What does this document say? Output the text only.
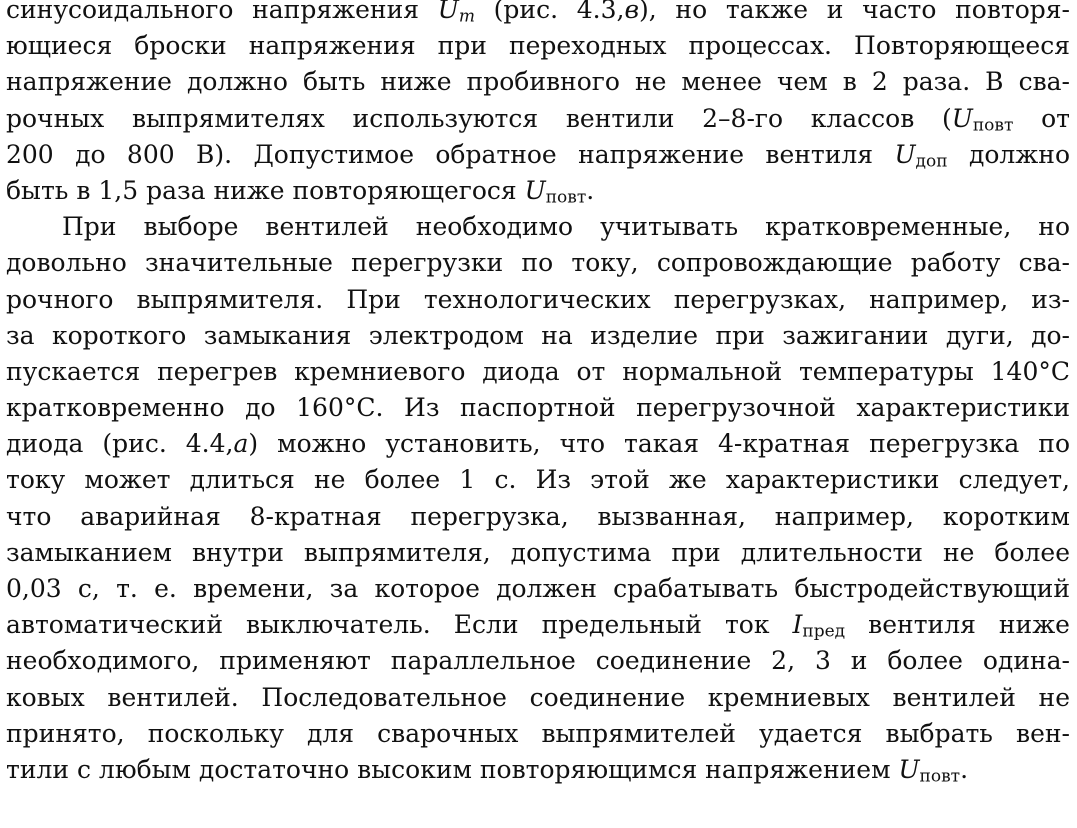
синусоидального напряжения $U_m$ (рис. 4.3,в), но также и часто повторя-
ющиеся броски напряжения при переходных процессах. Повторяющееся
напряжение должно быть ниже пробивного не менее чем в 2 раза. В сва-
рочных выпрямителях используются вентили 2–8-го классов ($U_{повт}$ от
200 до 800 В). Допустимое обратное напряжение вентиля $U_{доп}$ должно
быть в 1,5 раза ниже повторяющегося $U_{повт}$.
При выборе вентилей необходимо учитывать кратковременные, но
довольно значительные перегрузки по току, сопровождающие работу сва-
рочного выпрямителя. При технологических перегрузках, например, из-
за короткого замыкания электродом на изделие при зажигании дуги, до-
пускается перегрев кремниевого диода от нормальной температуры 140°С
кратковременно до 160°С. Из паспортной перегрузочной характеристики
диода (рис. 4.4,а) можно установить, что такая 4-кратная перегрузка по
току может длиться не более 1 с. Из этой же характеристики следует,
что аварийная 8-кратная перегрузка, вызванная, например, коротким
замыканием внутри выпрямителя, допустима при длительности не более
0,03 с, т. е. времени, за которое должен срабатывать быстродействующий
автоматический выключатель. Если предельный ток $I_{пред}$ вентиля ниже
необходимого, применяют параллельное соединение 2, 3 и более одина-
ковых вентилей. Последовательное соединение кремниевых вентилей не
принято, поскольку для сварочных выпрямителей удается выбрать вен-
тили с любым достаточно высоким повторяющимся напряжением $U_{повт}$.
